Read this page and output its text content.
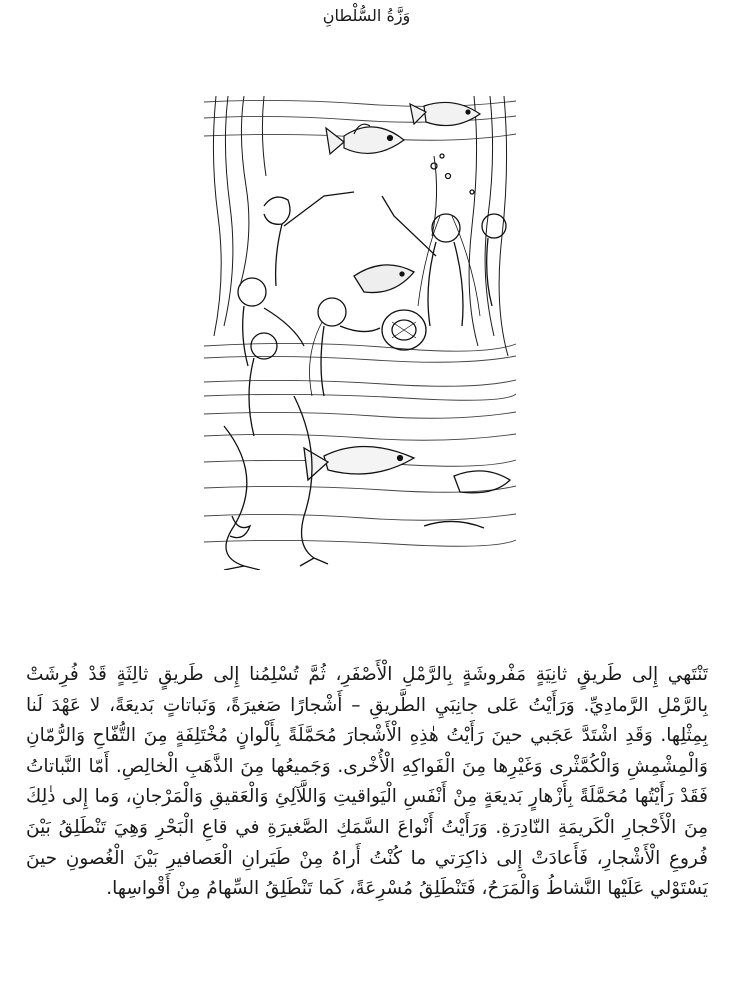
وَزَّةُ السُّلْطانِ

تَنْتَهي إِلى طَريقٍ ثانِيَةٍ مَفْروشَةٍ بِالرَّمْلِ الْأَصْفَرِ، ثُمَّ تُسْلِمُنا إِلى طَريقٍ ثالِثَةٍ قَدْ فُرِشَتْ بِالرَّمْلِ الرَّمادِيِّ. وَرَأَيْتُ عَلى جانِبَيِ الطَّريقِ – أَشْجارًا صَغيرَةً، وَنَباتاتٍ بَديعَةً، لا عَهْدَ لَنا بِمِثْلِها. وَقَدِ اشْتَدَّ عَجَبي حينَ رَأَيْتُ هٰذِهِ الْأَشْجارَ مُحَمَّلَةً بِأَلْوانٍ مُخْتَلِفَةٍ مِنَ التُّفّاحِ وَالرُّمّانِ وَالْمِشْمِشِ وَالْكُمَّثْرى وَغَيْرِها مِنَ الْفَواكِهِ الْأُخْرى. وَجَميعُها مِنَ الذَّهَبِ الْخالِصِ. أَمّا النَّباتاتُ فَقَدْ رَأَيْتُها مُحَمَّلَةً بِأَزْهارٍ بَديعَةٍ مِنْ أَنْفَسِ الْيَواقيتِ وَاللَّآلِئِ وَالْعَقيقِ وَالْمَرْجانِ، وَما إِلى ذٰلِكَ مِنَ الْأَحْجارِ الْكَريمَةِ النّادِرَةِ. وَرَأَيْتُ أَنْواعَ السَّمَكِ الصَّغيرَةِ في قاعِ الْبَحْرِ وَهِيَ تَنْطَلِقُ بَيْنَ فُروعِ الْأَشْجارِ، فَأَعادَتْ إِلى ذاكِرَتي ما كُنْتُ أَراهُ مِنْ طَيَرانِ الْعَصافيرِ بَيْنَ الْغُصونِ حينَ يَسْتَوْلي عَلَيْها النَّشاطُ وَالْمَرَحُ، فَتَنْطَلِقُ مُسْرِعَةً، كَما تَنْطَلِقُ السِّهامُ مِنْ أَقْواسِها.
